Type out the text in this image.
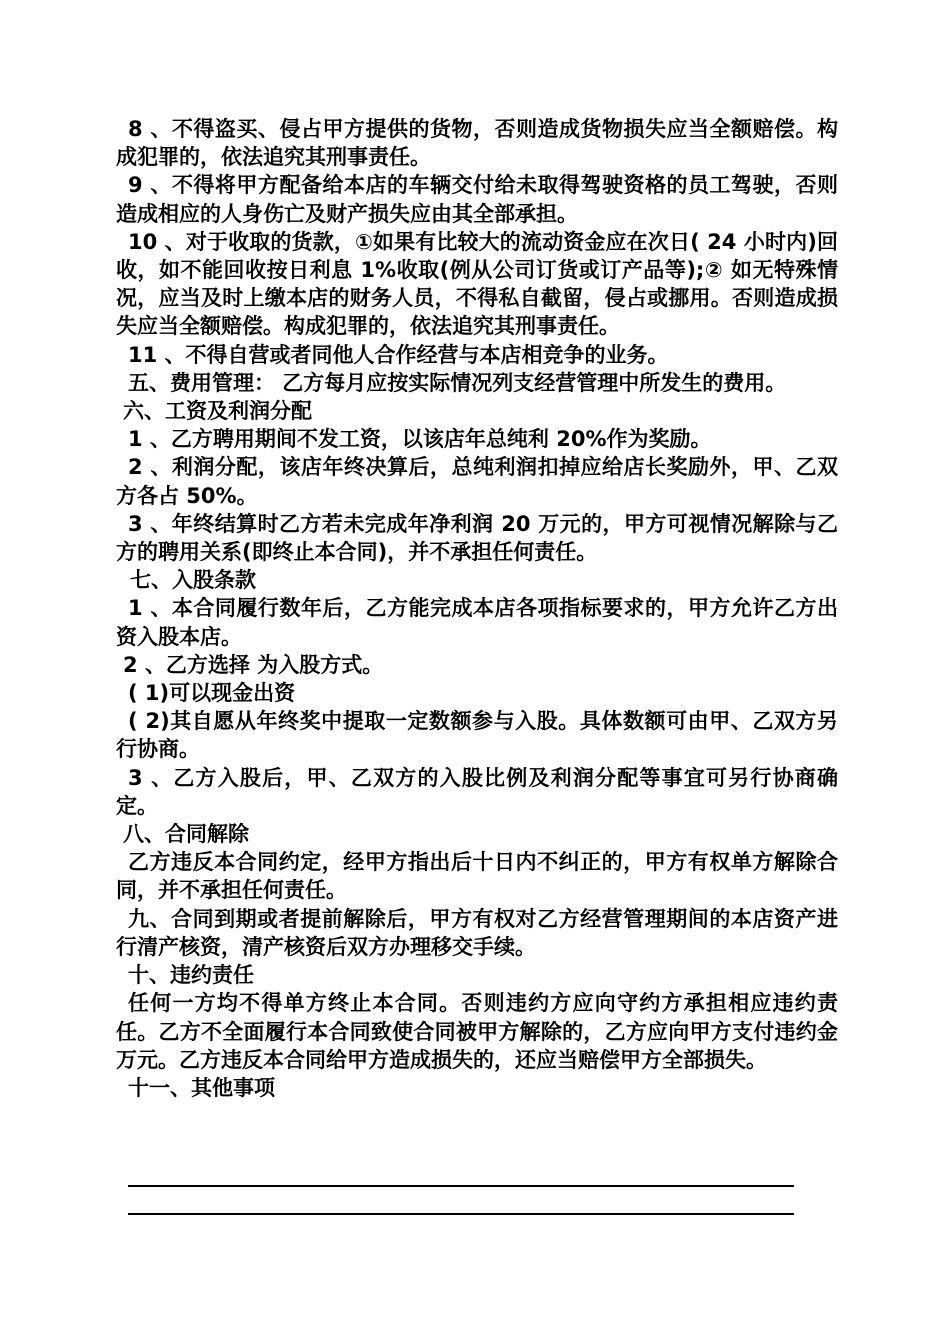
8 、不得盗买、侵占甲方提供的货物，否则造成货物损失应当全额赔偿。构成犯罪的，依法追究其刑事责任。

9 、不得将甲方配备给本店的车辆交付给未取得驾驶资格的员工驾驶，否则造成相应的人身伤亡及财产损失应由其全部承担。

10 、对于收取的货款，①如果有比较大的流动资金应在次日( 24 小时内)回收，如不能回收按日利息 1%收取(例从公司订货或订产品等);② 如无特殊情况，应当及时上缴本店的财务人员，不得私自截留，侵占或挪用。否则造成损失应当全额赔偿。构成犯罪的，依法追究其刑事责任。

11 、不得自营或者同他人合作经营与本店相竞争的业务。

五、费用管理： 乙方每月应按实际情况列支经营管理中所发生的费用。

六、工资及利润分配

1 、乙方聘用期间不发工资，以该店年总纯利 20%作为奖励。

2 、利润分配，该店年终决算后，总纯利润扣掉应给店长奖励外，甲、乙双方各占 50%。

3 、年终结算时乙方若未完成年净利润 20 万元的，甲方可视情况解除与乙方的聘用关系(即终止本合同)，并不承担任何责任。

七、入股条款

1 、本合同履行数年后，乙方能完成本店各项指标要求的，甲方允许乙方出资入股本店。

2 、乙方选择 为入股方式。

( 1)可以现金出资

( 2)其自愿从年终奖中提取一定数额参与入股。具体数额可由甲、乙双方另行协商。

3 、乙方入股后，甲、乙双方的入股比例及利润分配等事宜可另行协商确定。

八、合同解除

乙方违反本合同约定，经甲方指出后十日内不纠正的，甲方有权单方解除合同，并不承担任何责任。

九、合同到期或者提前解除后，甲方有权对乙方经营管理期间的本店资产进行清产核资，清产核资后双方办理移交手续。

十、违约责任

任何一方均不得单方终止本合同。否则违约方应向守约方承担相应违约责任。乙方不全面履行本合同致使合同被甲方解除的，乙方应向甲方支付违约金 万元。乙方违反本合同给甲方造成损失的，还应当赔偿甲方全部损失。

十一、其他事项
